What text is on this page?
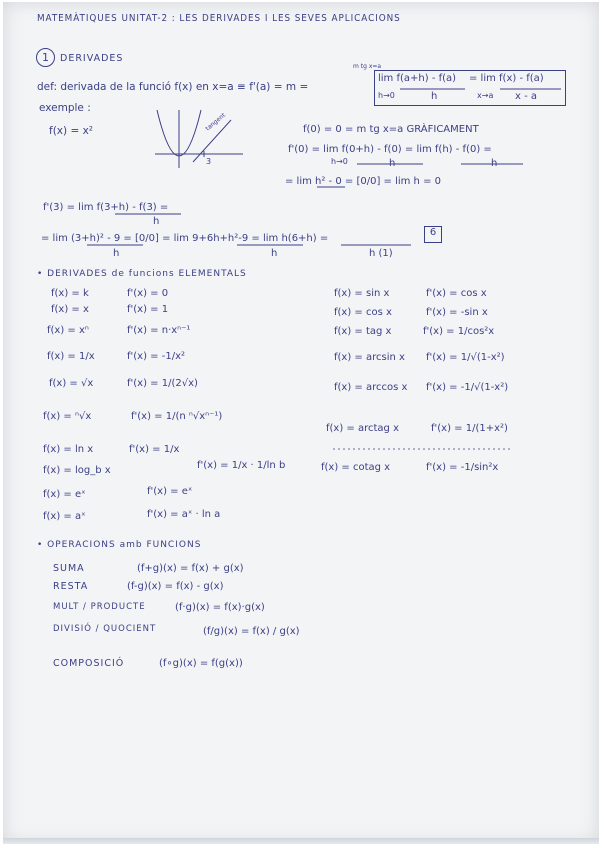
MATEMÀTIQUES UNITAT-2 : LES DERIVADES I LES SEVES APLICACIONS
1	DERIVADES
def: derivada de la funció f(x) en x=a ≡ f'(a) = m =
m tg x=a
lim f(a+h) - f(a)
h→0	h
= lim f(x) - f(a)
x→a x - a
exemple :
f(x) = x²	tangent
3
f(0) = 0 = m tg x=a GRÀFICAMENT
f'(0) = lim f(0+h) - f(0) = lim f(h) - f(0) =
h→0	h	h
= lim h² - 0 = [0/0] = lim h = 0
f'(3) = lim f(3+h) - f(3) =
h
= lim (3+h)² - 9 = [0/0] = lim 9+6h+h²-9 = lim h(6+h) =
6
h	h	h (1)
• DERIVADES de funcions ELEMENTALS
f(x) = k	f'(x) = 0
f(x) = x	f'(x) = 1
f(x) = xⁿ	f'(x) = n·xⁿ⁻¹
f(x) = 1/x	f'(x) = -1/x²
f(x) = √x	f'(x) = 1/(2√x)
f(x) = ⁿ√x	f'(x) = 1/(n ⁿ√xⁿ⁻¹)
f(x) = ln x	f'(x) = 1/x
f(x) = log_b x	f'(x) = 1/x · 1/ln b
f(x) = eˣ	f'(x) = eˣ
f(x) = aˣ	f'(x) = aˣ · ln a
f(x) = sin x	f'(x) = cos x
f(x) = cos x	f'(x) = -sin x
f(x) = tag x	f'(x) = 1/cos²x
f(x) = arcsin x f'(x) = 1/√(1-x²)
f(x) = arccos x f'(x) = -1/√(1-x²)
f(x) = arctag x	f'(x) = 1/(1+x²)
f(x) = cotag x	f'(x) = -1/sin²x
• OPERACIONS amb FUNCIONS
SUMA	(f+g)(x) = f(x) + g(x)
RESTA	(f-g)(x) = f(x) - g(x)
MULT / PRODUCTE	(f·g)(x) = f(x)·g(x)
DIVISIÓ / QUOCIENT	(f/g)(x) = f(x) / g(x)
COMPOSICIÓ	(f∘g)(x) = f(g(x))
